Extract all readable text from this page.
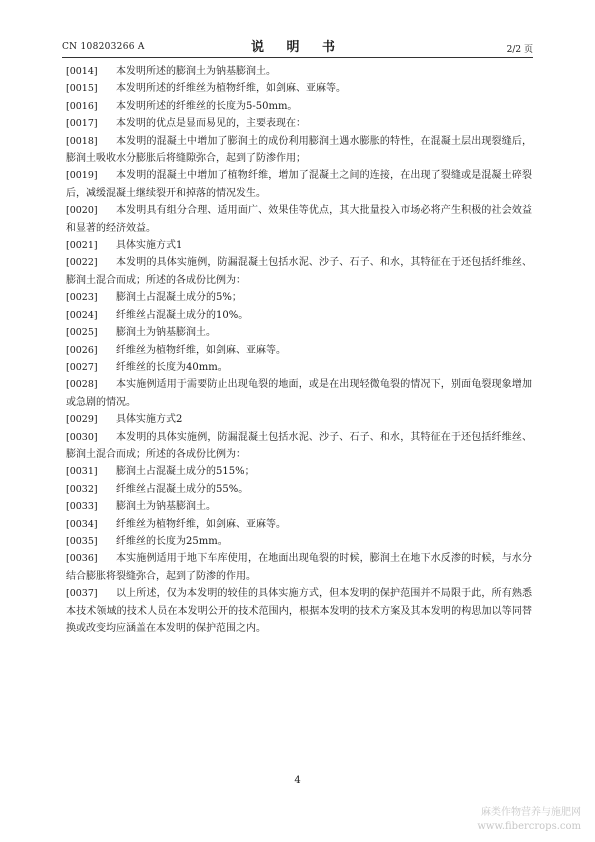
CN 108203266 A	说 明 书	2/2 页
[0014] 本发明所述的膨润土为钠基膨润土。
[0015] 本发明所述的纤维丝为植物纤维，如剑麻、亚麻等。
[0016] 本发明所述的纤维丝的长度为5-50mm。
[0017] 本发明的优点是显而易见的，主要表现在：
[0018]	本发明的混凝土中增加了膨润土的成份利用膨润土遇水膨胀的特性，在混凝土层出现裂缝后，膨润土吸收水分膨胀后将缝隙弥合，起到了防渗作用；
[0019]	本发明的混凝土中增加了植物纤维，增加了混凝土之间的连接，在出现了裂缝或是混凝土碎裂后，减缓混凝土继续裂开和掉落的情况发生。
[0020]	本发明具有组分合理、适用面广、效果佳等优点，其大批量投入市场必将产生积极的社会效益和显著的经济效益。
[0021] 具体实施方式1
[0022]	本发明的具体实施例，防漏混凝土包括水泥、沙子、石子、和水，其特征在于还包括纤维丝、膨润土混合而成；所述的各成份比例为：
[0023] 膨润土占混凝土成分的5%；
[0024] 纤维丝占混凝土成分的10%。
[0025] 膨润土为钠基膨润土。
[0026] 纤维丝为植物纤维，如剑麻、亚麻等。
[0027] 纤维丝的长度为40mm。
[0028]	本实施例适用于需要防止出现龟裂的地面，或是在出现轻微龟裂的情况下，别面龟裂现象增加或急剧的情况。
[0029] 具体实施方式2
[0030]	本发明的具体实施例，防漏混凝土包括水泥、沙子、石子、和水，其特征在于还包括纤维丝、膨润土混合而成；所述的各成份比例为：
[0031] 膨润土占混凝土成分的515%；
[0032] 纤维丝占混凝土成分的55%。
[0033] 膨润土为钠基膨润土。
[0034] 纤维丝为植物纤维，如剑麻、亚麻等。
[0035] 纤维丝的长度为25mm。
[0036]	本实施例适用于地下车库使用，在地面出现龟裂的时候，膨润土在地下水反渗的时候，与水分结合膨胀将裂缝弥合，起到了防渗的作用。
[0037]	以上所述，仅为本发明的较佳的具体实施方式，但本发明的保护范围并不局限于此，所有熟悉本技术领域的技术人员在本发明公开的技术范围内，根据本发明的技术方案及其本发明的构思加以等同替换或改变均应涵盖在本发明的保护范围之内。
4
麻类作物营养与施肥网
www.fibercrops.com
